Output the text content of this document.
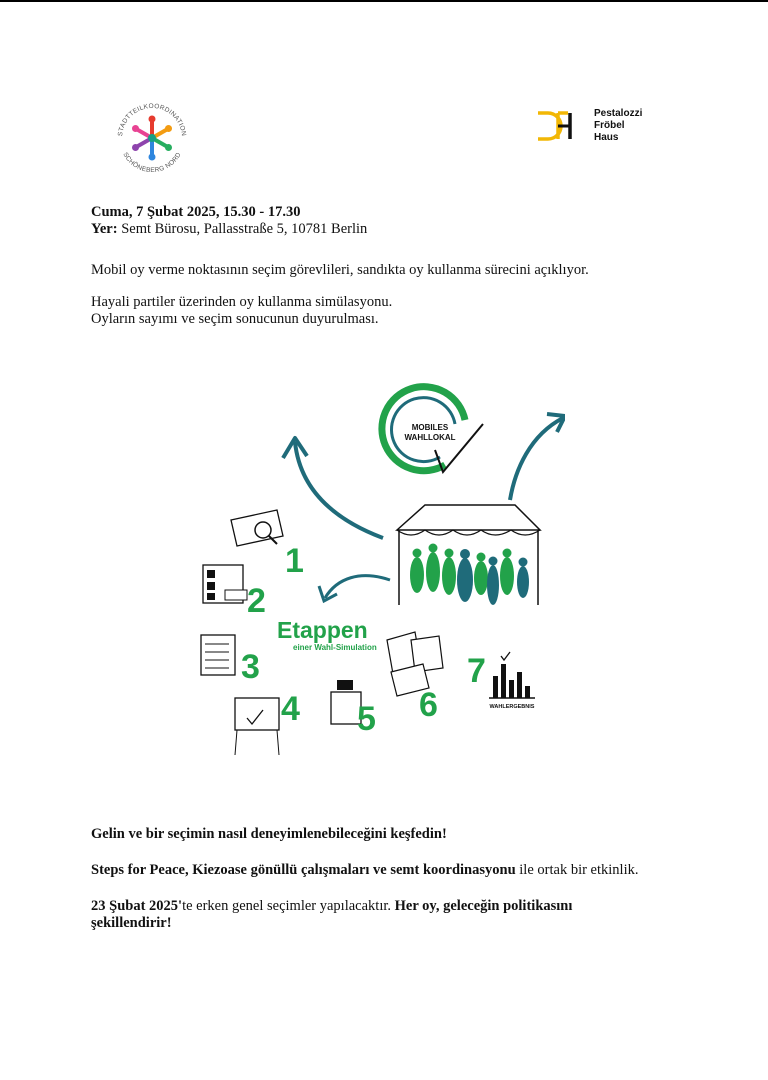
STADTTEILKOORDINATION
SCHÖNEBERG NORD
Pestalozzi
Fröbel
Haus

Cuma, 7 Şubat 2025, 15.30 - 17.30

Yer: Semt Bürosu, Pallasstraße 5, 10781 Berlin

Mobil oy verme noktasının seçim görevlileri, sandıkta oy kullanma sürecini açıklıyor.

Hayali partiler üzerinden oy kullanma simülasyonu.

Oyların sayımı ve seçim sonucunun duyurulması.

MOBILES
WAHLLOKAL
1
2
Etappen
einer Wahl-Simulation
3
4 5 6
7
WAHLERGEBNIS

Gelin ve bir seçimin nasıl deneyimlenebileceğini keşfedin!

Steps for Peace, Kiezoase gönüllü çalışmaları ve semt koordinasyonu ile ortak bir etkinlik.

23 Şubat 2025'te erken genel seçimler yapılacaktır. Her oy, geleceğin politikasını şekillendirir!
